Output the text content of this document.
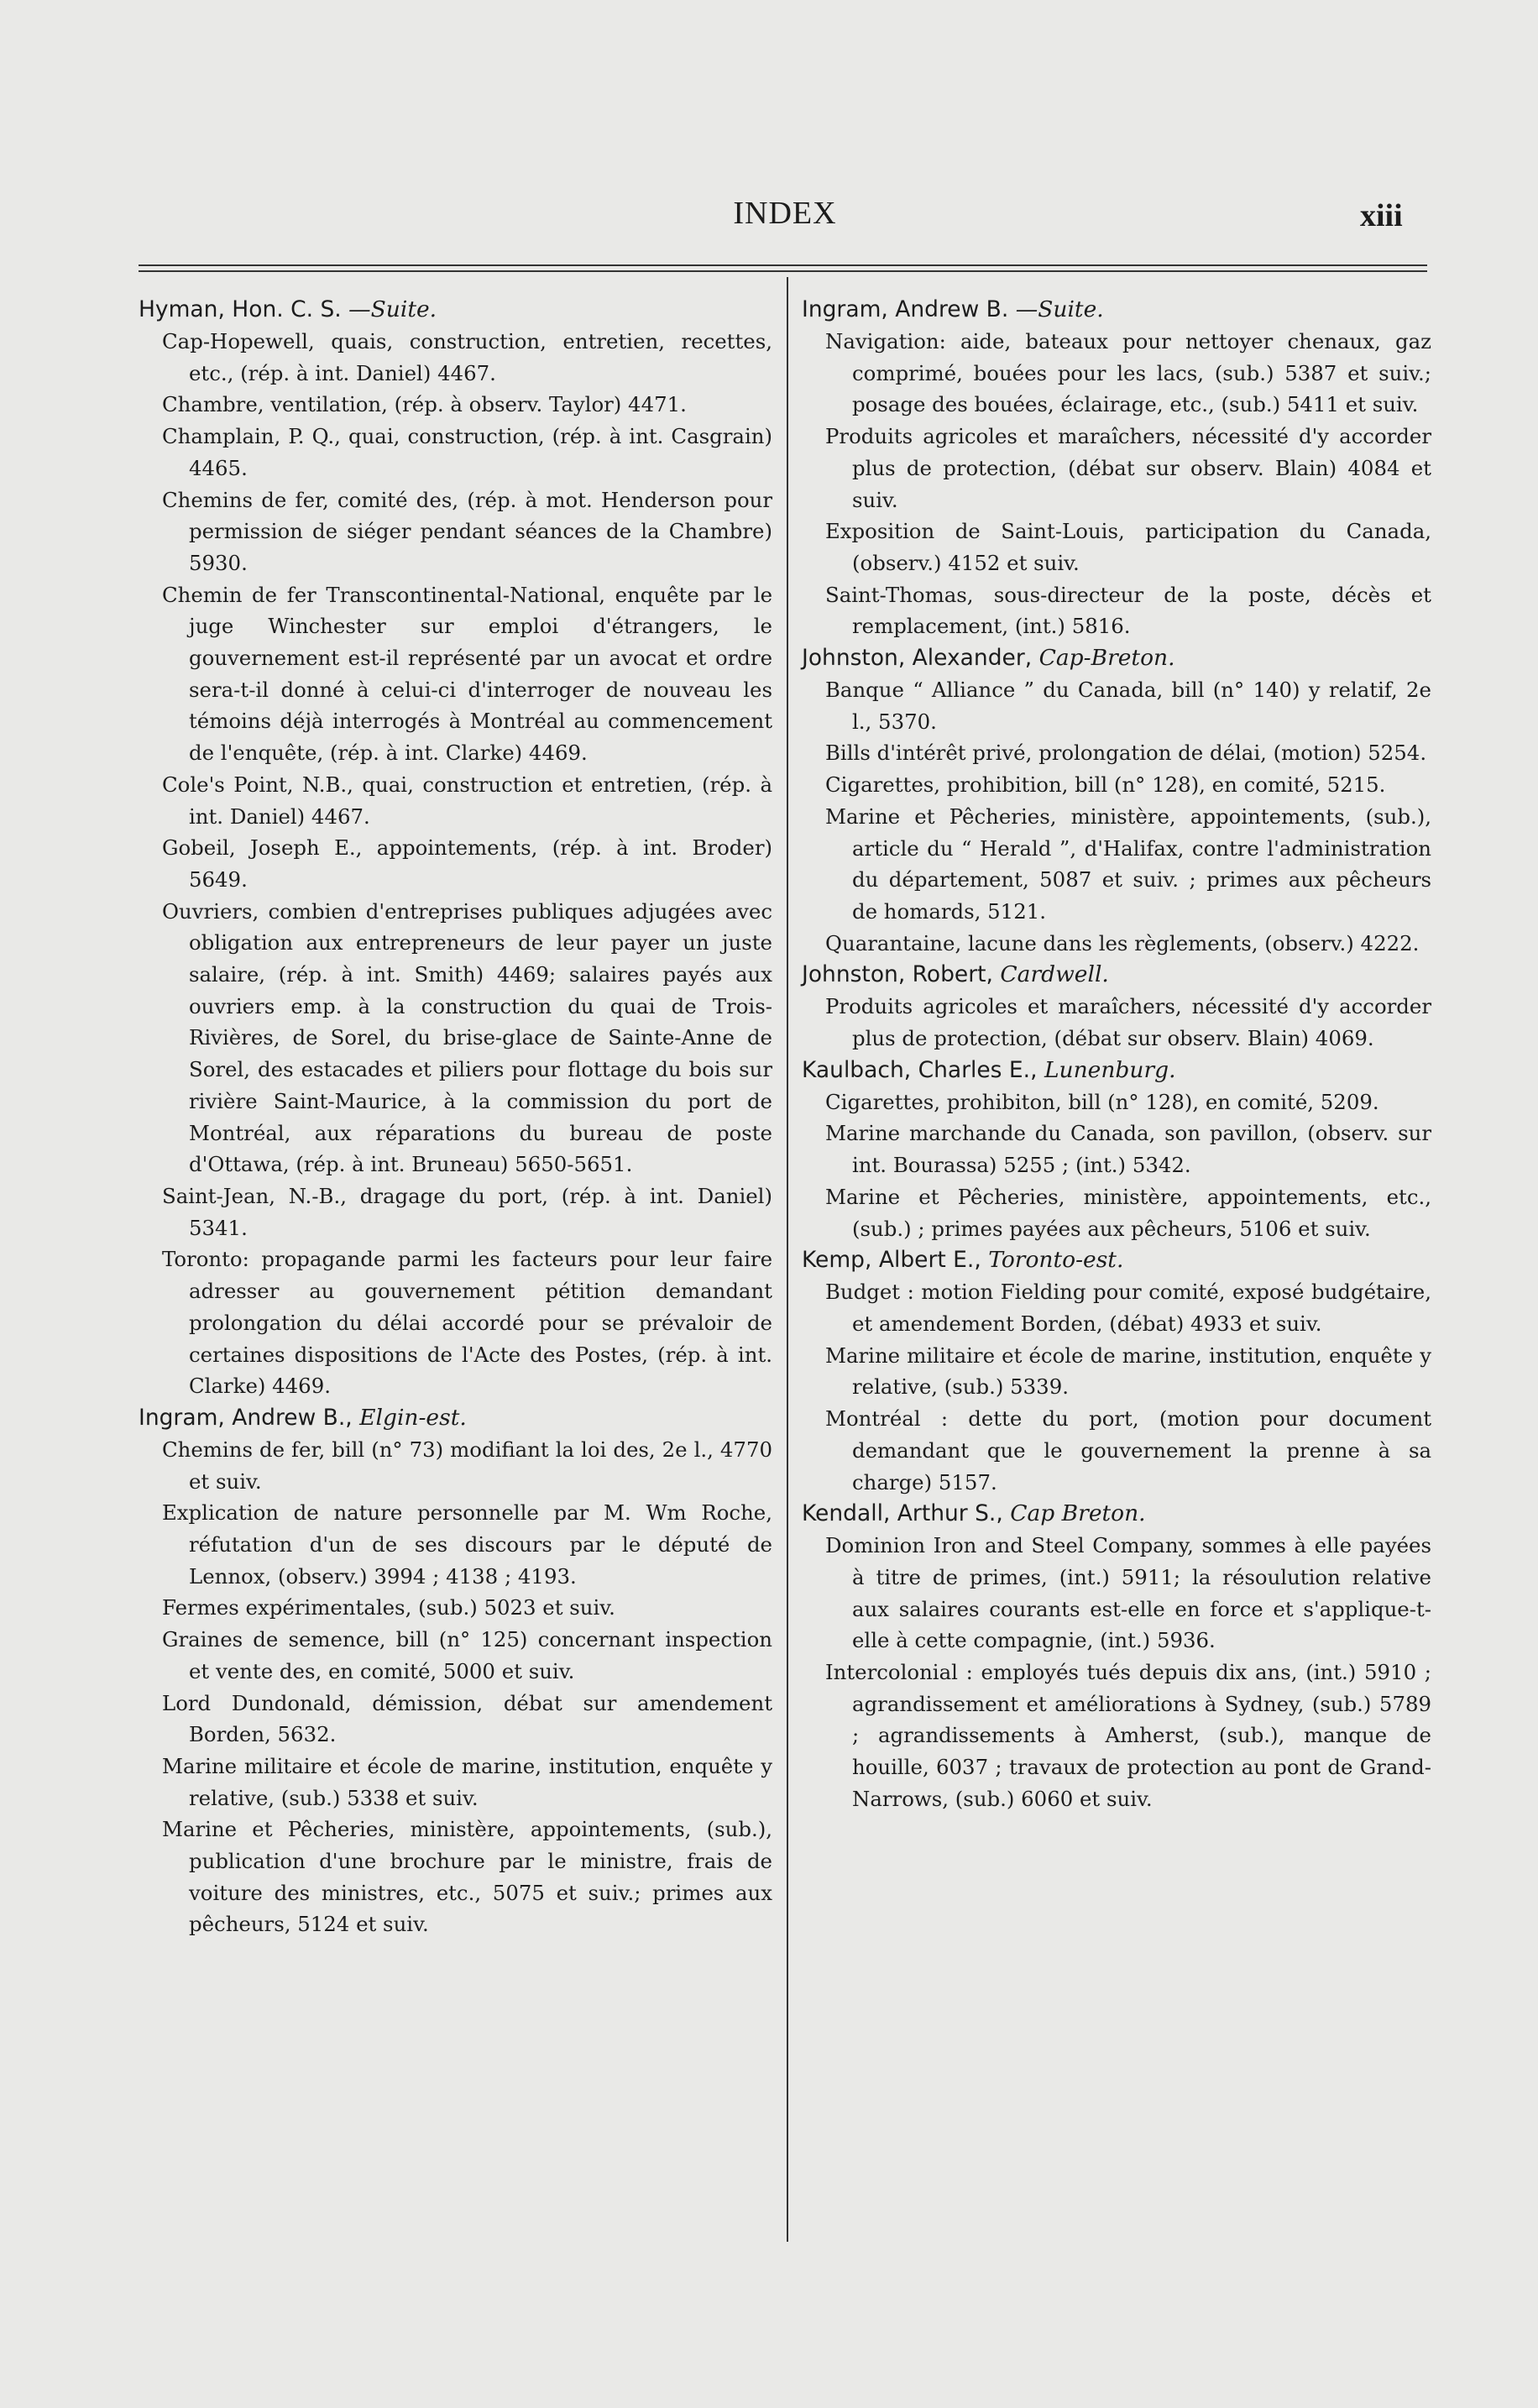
INDEX	xiii

Hyman, Hon. C. S. —Suite.

Cap-Hopewell, quais, construction, entretien, recettes, etc., (rép. à int. Daniel) 4467.

Chambre, ventilation, (rép. à observ. Taylor) 4471.

Champlain, P. Q., quai, construction, (rép. à int. Casgrain) 4465.

Chemins de fer, comité des, (rép. à mot. Henderson pour permission de siéger pendant séances de la Chambre) 5930.

Chemin de fer Transcontinental-National, enquête par le juge Winchester sur emploi d'étrangers, le gouvernement est-il représenté par un avocat et ordre sera-t-il donné à celui-ci d'interroger de nouveau les témoins déjà interrogés à Montréal au commencement de l'enquête, (rép. à int. Clarke) 4469.

Cole's Point, N.B., quai, construction et entretien, (rép. à int. Daniel) 4467.

Gobeil, Joseph E., appointements, (rép. à int. Broder) 5649.

Ouvriers, combien d'entreprises publiques adjugées avec obligation aux entrepreneurs de leur payer un juste salaire, (rép. à int. Smith) 4469; salaires payés aux ouvriers emp. à la construction du quai de Trois-Rivières, de Sorel, du brise-glace de Sainte-Anne de Sorel, des estacades et piliers pour flottage du bois sur rivière Saint-Maurice, à la commission du port de Montréal, aux réparations du bureau de poste d'Ottawa, (rép. à int. Bruneau) 5650-5651.

Saint-Jean, N.-B., dragage du port, (rép. à int. Daniel) 5341.

Toronto: propagande parmi les facteurs pour leur faire adresser au gouvernement pétition demandant prolongation du délai accordé pour se prévaloir de certaines dispositions de l'Acte des Postes, (rép. à int. Clarke) 4469.

Ingram, Andrew B., Elgin-est.

Chemins de fer, bill (n° 73) modifiant la loi des, 2e l., 4770 et suiv.

Explication de nature personnelle par M. Wm Roche, réfutation d'un de ses discours par le député de Lennox, (observ.) 3994 ; 4138 ; 4193.

Fermes expérimentales, (sub.) 5023 et suiv.

Graines de semence, bill (n° 125) concernant inspection et vente des, en comité, 5000 et suiv.

Lord Dundonald, démission, débat sur amendement Borden, 5632.

Marine militaire et école de marine, institution, enquête y relative, (sub.) 5338 et suiv.

Marine et Pêcheries, ministère, appointements, (sub.), publication d'une brochure par le ministre, frais de voiture des ministres, etc., 5075 et suiv.; primes aux pêcheurs, 5124 et suiv.

Ingram, Andrew B. —Suite.

Navigation: aide, bateaux pour nettoyer chenaux, gaz comprimé, bouées pour les lacs, (sub.) 5387 et suiv.; posage des bouées, éclairage, etc., (sub.) 5411 et suiv.

Produits agricoles et maraîchers, nécessité d'y accorder plus de protection, (débat sur observ. Blain) 4084 et suiv.

Exposition de Saint-Louis, participation du Canada, (observ.) 4152 et suiv.

Saint-Thomas, sous-directeur de la poste, décès et remplacement, (int.) 5816.

Johnston, Alexander, Cap-Breton.

Banque “ Alliance ” du Canada, bill (n° 140) y relatif, 2e l., 5370.

Bills d'intérêt privé, prolongation de délai, (motion) 5254.

Cigarettes, prohibition, bill (n° 128), en comité, 5215.

Marine et Pêcheries, ministère, appointements, (sub.), article du “ Herald ”, d'Halifax, contre l'administration du département, 5087 et suiv. ; primes aux pêcheurs de homards, 5121.

Quarantaine, lacune dans les règlements, (observ.) 4222.

Johnston, Robert, Cardwell.

Produits agricoles et maraîchers, nécessité d'y accorder plus de protection, (débat sur observ. Blain) 4069.

Kaulbach, Charles E., Lunenburg.

Cigarettes, prohibiton, bill (n° 128), en comité, 5209.

Marine marchande du Canada, son pavillon, (observ. sur int. Bourassa) 5255 ; (int.) 5342.

Marine et Pêcheries, ministère, appointements, etc., (sub.) ; primes payées aux pêcheurs, 5106 et suiv.

Kemp, Albert E., Toronto-est.

Budget : motion Fielding pour comité, exposé budgétaire, et amendement Borden, (débat) 4933 et suiv.

Marine militaire et école de marine, institution, enquête y relative, (sub.) 5339.

Montréal : dette du port, (motion pour document demandant que le gouvernement la prenne à sa charge) 5157.

Kendall, Arthur S., Cap Breton.

Dominion Iron and Steel Company, sommes à elle payées à titre de primes, (int.) 5911; la résoulution relative aux salaires courants est-elle en force et s'applique-t-elle à cette compagnie, (int.) 5936.

Intercolonial : employés tués depuis dix ans, (int.) 5910 ; agrandissement et améliorations à Sydney, (sub.) 5789 ; agrandissements à Amherst, (sub.), manque de houille, 6037 ; travaux de protection au pont de Grand-Narrows, (sub.) 6060 et suiv.
